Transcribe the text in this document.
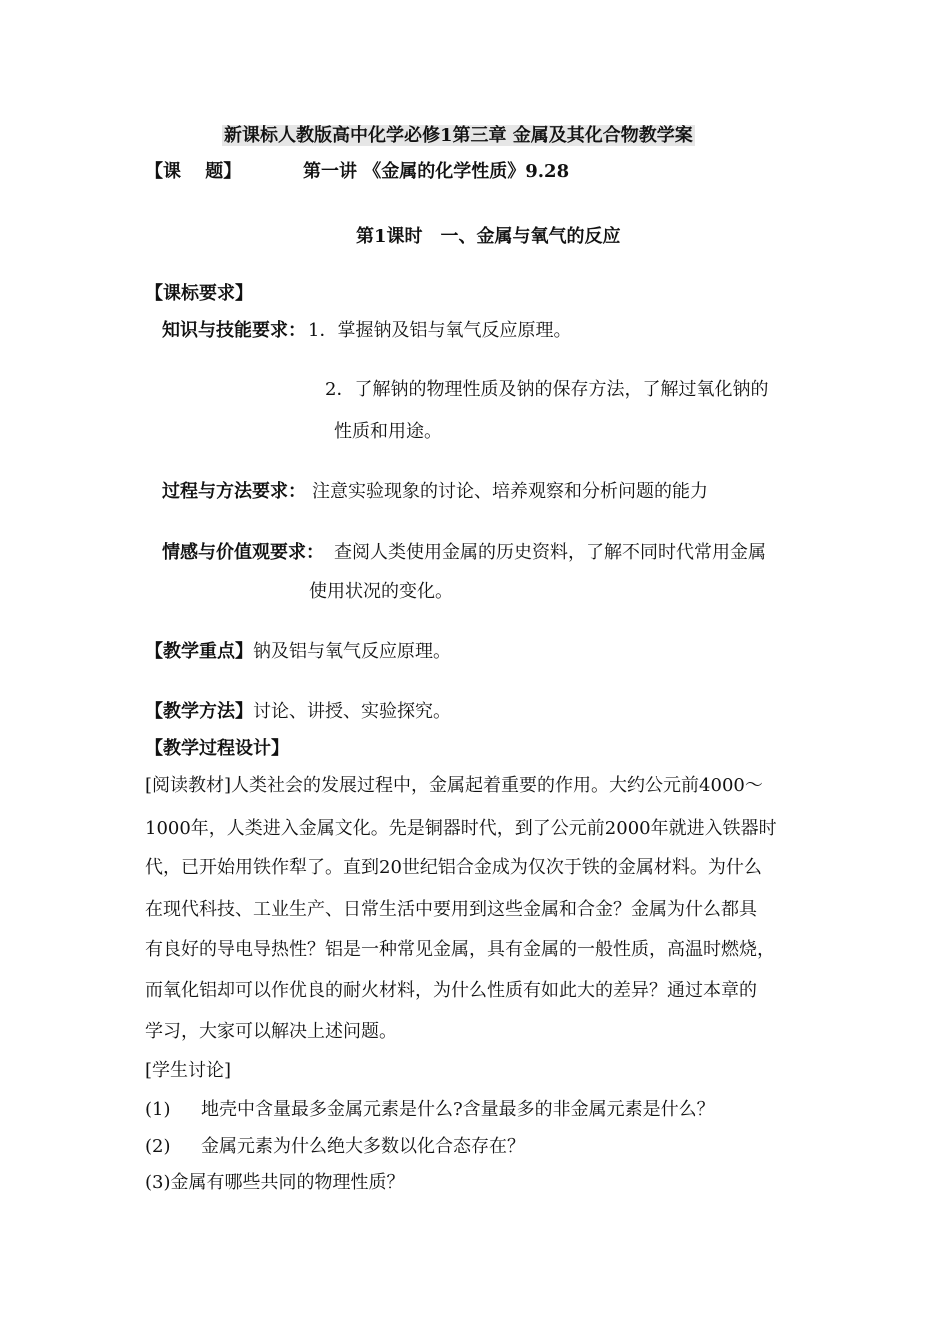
新课标人教版高中化学必修1第三章 金属及其化合物教学案
【课　 题】	第一讲 《金属的化学性质》9.28
第1课时　一、金属与氧气的反应
【课标要求】
知识与技能要求： 1．掌握钠及铝与氧气反应原理。
2．了解钠的物理性质及钠的保存方法，了解过氧化钠的
性质和用途。
过程与方法要求： 注意实验现象的讨论、培养观察和分析问题的能力
情感与价值观要求： 查阅人类使用金属的历史资料，了解不同时代常用金属
使用状况的变化。
【教学重点】钠及铝与氧气反应原理。
【教学方法】讨论、讲授、实验探究。
【教学过程设计】
[阅读教材]人类社会的发展过程中，金属起着重要的作用。大约公元前4000～
1000年，人类进入金属文化。先是铜器时代，到了公元前2000年就进入铁器时
代，已开始用铁作犁了。直到20世纪铝合金成为仅次于铁的金属材料。为什么
在现代科技、工业生产、日常生活中要用到这些金属和合金？金属为什么都具
有良好的导电导热性？铝是一种常见金属，具有金属的一般性质，高温时燃烧，
而氧化铝却可以作优良的耐火材料，为什么性质有如此大的差异？通过本章的
学习，大家可以解决上述问题。
[学生讨论]
(1) 地壳中含量最多金属元素是什么?含量最多的非金属元素是什么？
(2) 金属元素为什么绝大多数以化合态存在？
(3)金属有哪些共同的物理性质？
